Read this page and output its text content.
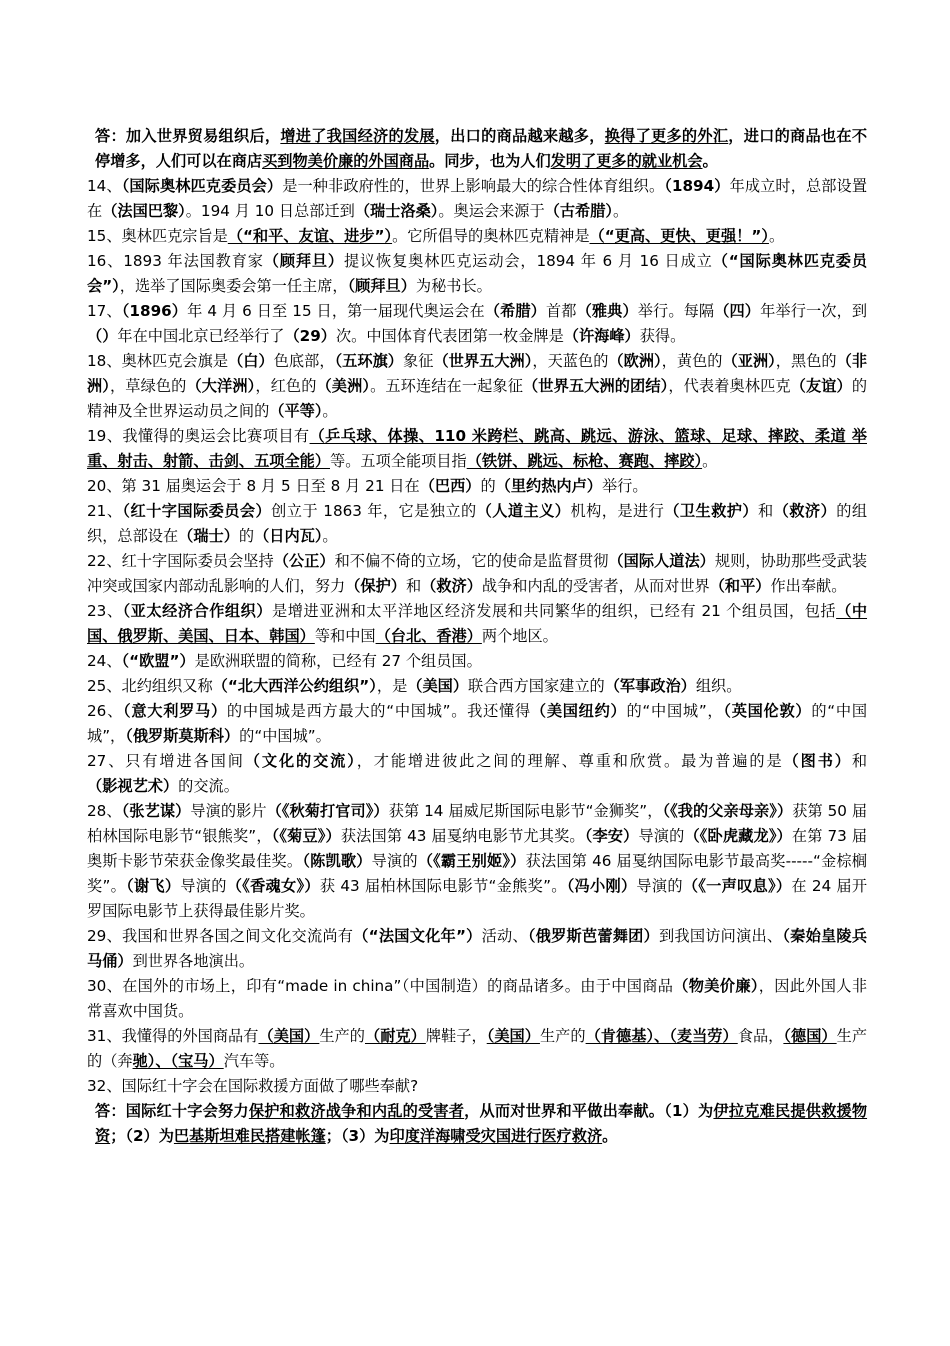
答：加入世界贸易组织后，增进了我国经济的发展，出口的商品越来越多，换得了更多的外汇，进口的商品也在不停增多，人们可以在商店买到物美价廉的外国商品。同步，也为人们发明了更多的就业机会。

14、（国际奥林匹克委员会）是一种非政府性的，世界上影响最大的综合性体育组织。（1894）年成立时，总部设置在（法国巴黎）。194 月 10 日总部迁到（瑞士洛桑）。奥运会来源于（古希腊）。

15、奥林匹克宗旨是（“和平、友谊、进步”）。它所倡导的奥林匹克精神是（“更高、更快、更强！”）。

16、1893 年法国教育家（顾拜旦）提议恢复奥林匹克运动会，1894 年 6 月 16 日成立（“国际奥林匹克委员会”），选举了国际奥委会第一任主席，（顾拜旦）为秘书长。

17、（1896）年 4 月 6 日至 15 日，第一届现代奥运会在（希腊）首都（雅典）举行。每隔（四）年举行一次，到（）年在中国北京已经举行了（29）次。中国体育代表团第一枚金牌是（许海峰）获得。

18、奥林匹克会旗是（白）色底部，（五环旗）象征（世界五大洲），天蓝色的（欧洲），黄色的（亚洲），黑色的（非洲），草绿色的（大洋洲），红色的（美洲）。五环连结在一起象征（世界五大洲的团结），代表着奥林匹克（友谊）的精神及全世界运动员之间的（平等）。

19、我懂得的奥运会比赛项目有（乒乓球、体操、110 米跨栏、跳高、跳远、游泳、篮球、足球、摔跤、柔道 举重、射击、射箭、击剑、五项全能）等。五项全能项目指（铁饼、跳远、标枪、赛跑、摔跤）。

20、第 31 届奥运会于 8 月 5 日至 8 月 21 日在（巴西）的（里约热内卢）举行。

21、（红十字国际委员会）创立于 1863 年，它是独立的（人道主义）机构，是进行（卫生救护）和（救济）的组织，总部设在（瑞士）的（日内瓦）。

22、红十字国际委员会坚持（公正）和不偏不倚的立场，它的使命是监督贯彻（国际人道法）规则，协助那些受武装冲突或国家内部动乱影响的人们，努力（保护）和（救济）战争和内乱的受害者，从而对世界（和平）作出奉献。

23、（亚太经济合作组织）是增进亚洲和太平洋地区经济发展和共同繁华的组织，已经有 21 个组员国，包括（中国、俄罗斯、美国、日本、韩国）等和中国（台北、香港）两个地区。

24、（“欧盟”）是欧洲联盟的简称，已经有 27 个组员国。

25、北约组织又称（“北大西洋公约组织”），是（美国）联合西方国家建立的（军事政治）组织。

26、（意大利罗马）的中国城是西方最大的“中国城”。我还懂得（美国纽约）的“中国城”，（英国伦敦）的“中国城”，（俄罗斯莫斯科）的“中国城”。

27、只有增进各国间（文化的交流），才能增进彼此之间的理解、尊重和欣赏。最为普遍的是（图书）和（影视艺术）的交流。

28、（张艺谋）导演的影片（《秋菊打官司》）获第 14 届威尼斯国际电影节“金狮奖”，（《我的父亲母亲》）获第 50 届柏林国际电影节“银熊奖”，（《菊豆》）获法国第 43 届戛纳电影节尤其奖。（李安）导演的（《卧虎藏龙》）在第 73 届奥斯卡影节荣获金像奖最佳奖。（陈凯歌）导演的（《霸王别姬》）获法国第 46 届戛纳国际电影节最高奖-----“金棕榈奖”。（谢飞）导演的（《香魂女》）获 43 届柏林国际电影节“金熊奖”。（冯小刚）导演的（《一声叹息》）在 24 届开罗国际电影节上获得最佳影片奖。

29、我国和世界各国之间文化交流尚有（“法国文化年”）活动、（俄罗斯芭蕾舞团）到我国访问演出、（秦始皇陵兵马俑）到世界各地演出。

30、在国外的市场上，印有“made in china”（中国制造）的商品诸多。由于中国商品（物美价廉），因此外国人非常喜欢中国货。

31、我懂得的外国商品有（美国）生产的（耐克）牌鞋子，（美国）生产的（肯德基）、（麦当劳）食品，（德国）生产的（奔驰）、（宝马）汽车等。

32、国际红十字会在国际救援方面做了哪些奉献?

答：国际红十字会努力保护和救济战争和内乱的受害者，从而对世界和平做出奉献。（1）为伊拉克难民提供救援物资；（2）为巴基斯坦难民搭建帐篷；（3）为印度洋海啸受灾国进行医疗救济。
